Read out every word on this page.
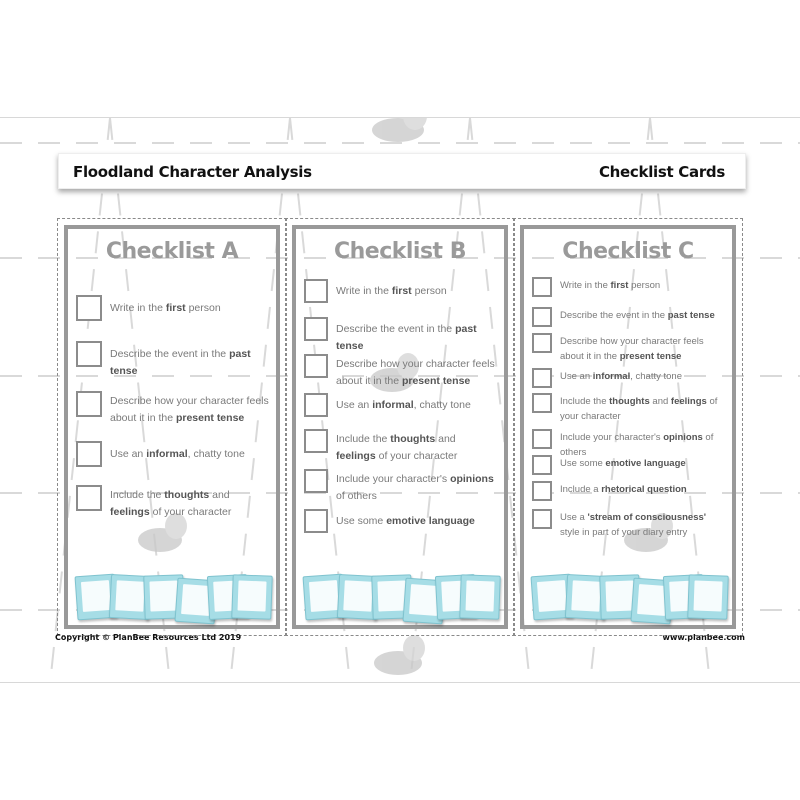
Floodland Character Analysis	Checklist Cards
Checklist A
Write in the first person
Describe the event in the past tense
Describe how your character feels about it in the present tense
Use an informal, chatty tone
Include the thoughts and feelings of your character
Checklist B
Write in the first person
Describe the event in the past tense
Describe how your character feels about it in the present tense
Use an informal, chatty tone
Include the thoughts and feelings of your character
Include your character's opinions of others
Use some emotive language
Checklist C
Write in the first person
Describe the event in the past tense
Describe how your character feels about it in the present tense
Use an informal, chatty tone
Include the thoughts and feelings of your character
Include your character's opinions of others
Use some emotive language
Include a rhetorical question
Use a 'stream of consciousness' style in part of your diary entry
Copyright © PlanBee Resources Ltd 2019	www.planbee.com
